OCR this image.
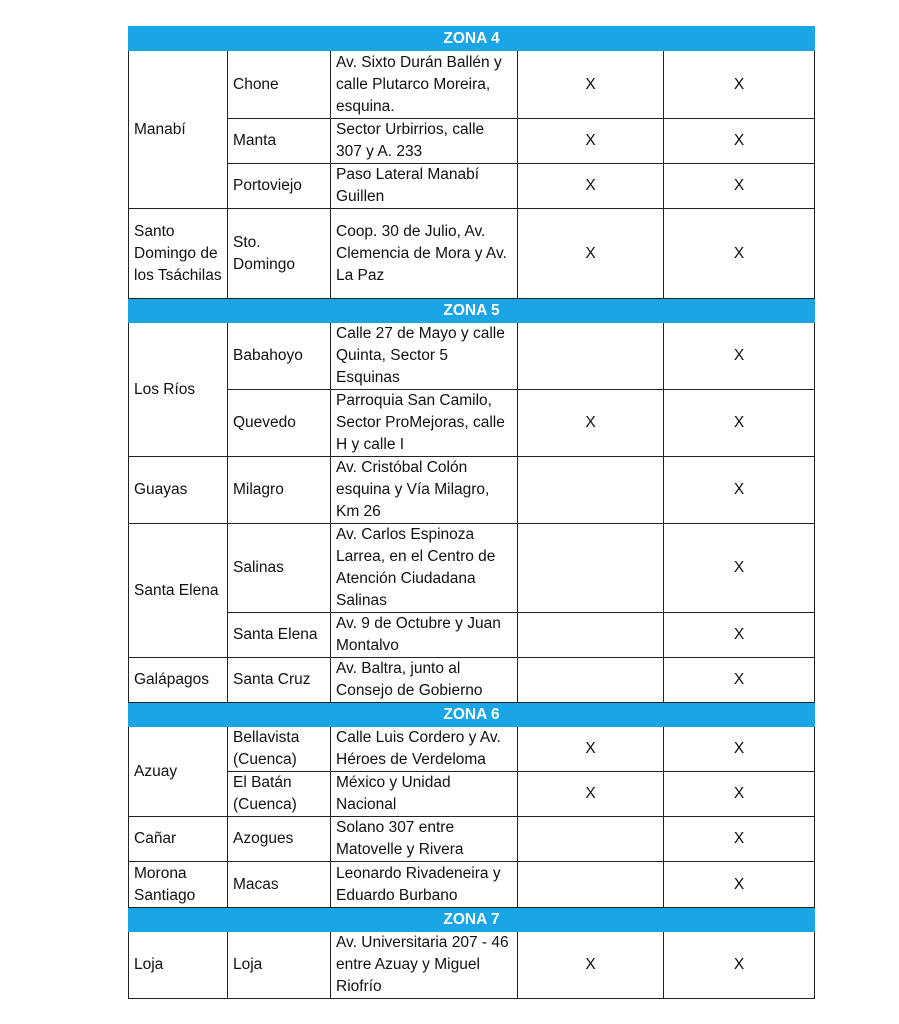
ZONA 4				
Manabí	Chone	Av. Sixto Durán Ballén y calle Plutarco Moreira, esquina.	X	X
	Manta	Sector Urbirrios, calle 307 y A. 233	X	X
	Portoviejo	Paso Lateral Manabí Guillen	X	X
Santo Domingo de los Tsáchilas	Sto. Domingo	Coop. 30 de Julio, Av. Clemencia de Mora y Av. La Paz	X	X
ZONA 5				
Los Ríos	Babahoyo	Calle 27 de Mayo y calle Quinta, Sector 5 Esquinas		X
	Quevedo	Parroquia San Camilo, Sector ProMejoras, calle H y calle I	X	X
Guayas	Milagro	Av. Cristóbal Colón esquina y Vía Milagro, Km 26		X
Santa Elena	Salinas	Av. Carlos Espinoza Larrea, en el Centro de Atención Ciudadana Salinas		X
	Santa Elena	Av. 9 de Octubre y Juan Montalvo		X
Galápagos	Santa Cruz	Av. Baltra, junto al Consejo de Gobierno		X
ZONA 6				
Azuay	Bellavista (Cuenca)	Calle Luis Cordero y Av. Héroes de Verdeloma	X	X
	El Batán (Cuenca)	México y Unidad Nacional	X	X
Cañar	Azogues	Solano 307 entre Matovelle y Rivera		X
Morona Santiago	Macas	Leonardo Rivadeneira y Eduardo Burbano		X
ZONA 7				
Loja	Loja	Av. Universitaria 207 - 46 entre Azuay y Miguel Riofrío	X	X
